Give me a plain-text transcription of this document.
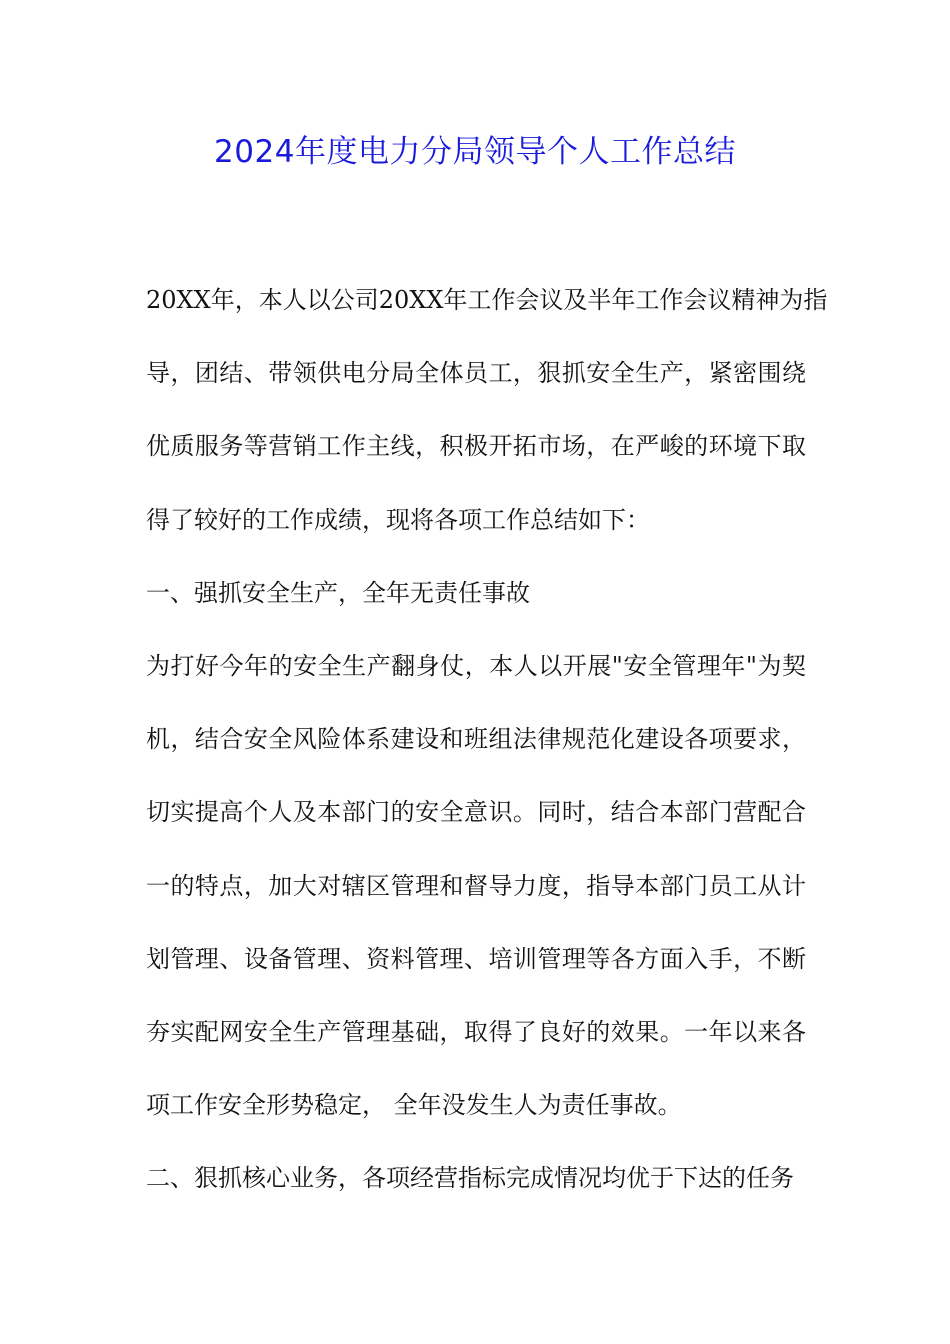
2024年度电力分局领导个人工作总结
20XX年，本人以公司20XX年工作会议及半年工作会议精神为指
导，团结、带领供电分局全体员工，狠抓安全生产，紧密围绕
优质服务等营销工作主线，积极开拓市场，在严峻的环境下取
得了较好的工作成绩，现将各项工作总结如下：
一、强抓安全生产，全年无责任事故
为打好今年的安全生产翻身仗，本人以开展"安全管理年"为契
机，结合安全风险体系建设和班组法律规范化建设各项要求，
切实提高个人及本部门的安全意识。同时，结合本部门营配合
一的特点，加大对辖区管理和督导力度，指导本部门员工从计
划管理、设备管理、资料管理、培训管理等各方面入手，不断
夯实配网安全生产管理基础，取得了良好的效果。一年以来各
项工作安全形势稳定， 全年没发生人为责任事故。
二、狠抓核心业务，各项经营指标完成情况均优于下达的任务
